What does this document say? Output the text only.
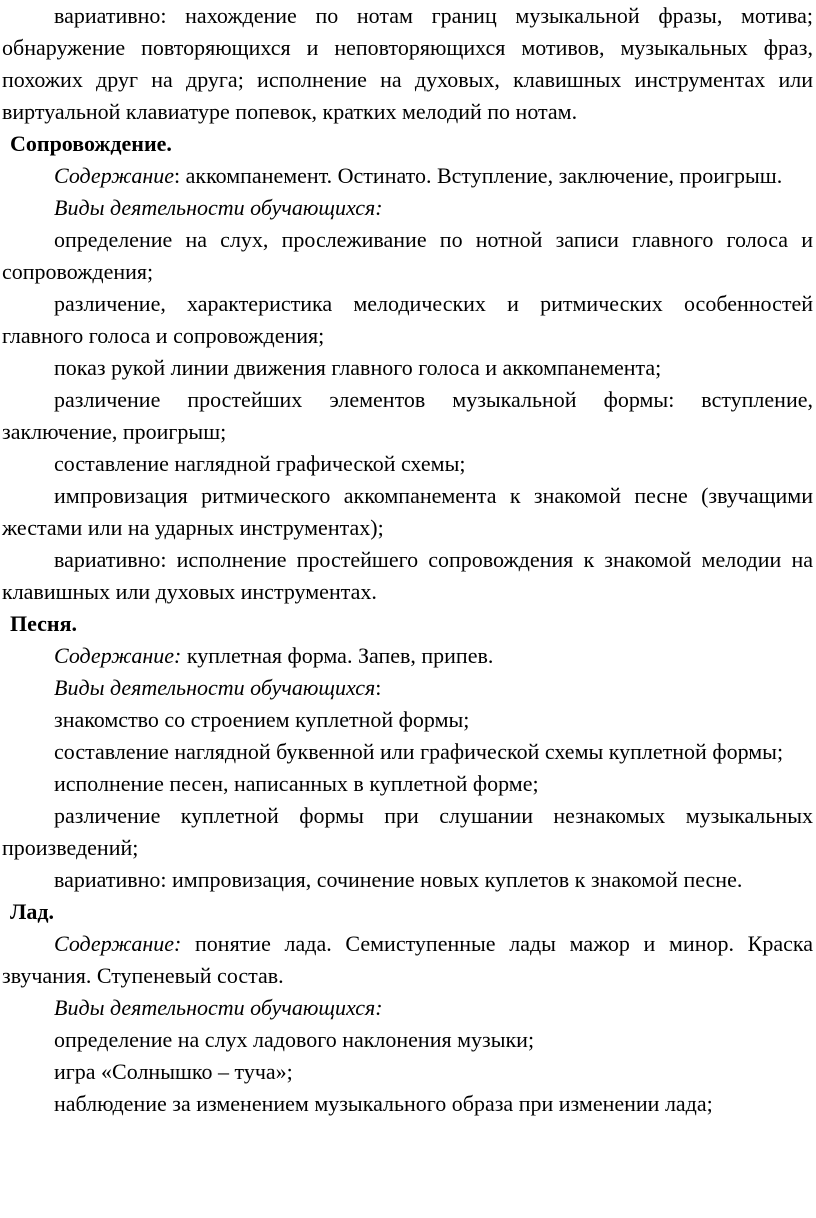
вариативно: нахождение по нотам границ музыкальной фразы, мотива; обнаружение повторяющихся и неповторяющихся мотивов, музыкальных фраз, похожих друг на друга; исполнение на духовых, клавишных инструментах или виртуальной клавиатуре попевок, кратких мелодий по нотам.

Сопровождение.

Содержание: аккомпанемент. Остинато. Вступление, заключение, проигрыш.

Виды деятельности обучающихся:

определение на слух, прослеживание по нотной записи главного голоса и сопровождения;

различение, характеристика мелодических и ритмических особенностей главного голоса и сопровождения;

показ рукой линии движения главного голоса и аккомпанемента;

различение простейших элементов музыкальной формы: вступление, заключение, проигрыш;

составление наглядной графической схемы;

импровизация ритмического аккомпанемента к знакомой песне (звучащими жестами или на ударных инструментах);

вариативно: исполнение простейшего сопровождения к знакомой мелодии на клавишных или духовых инструментах.

Песня.

Содержание: куплетная форма. Запев, припев.

Виды деятельности обучающихся:

знакомство со строением куплетной формы;

составление наглядной буквенной или графической схемы куплетной формы;

исполнение песен, написанных в куплетной форме;

различение куплетной формы при слушании незнакомых музыкальных произведений;

вариативно: импровизация, сочинение новых куплетов к знакомой песне.

Лад.

Содержание: понятие лада. Семиступенные лады мажор и минор. Краска звучания. Ступеневый состав.

Виды деятельности обучающихся:

определение на слух ладового наклонения музыки;

игра «Солнышко – туча»;

наблюдение за изменением музыкального образа при изменении лада;
